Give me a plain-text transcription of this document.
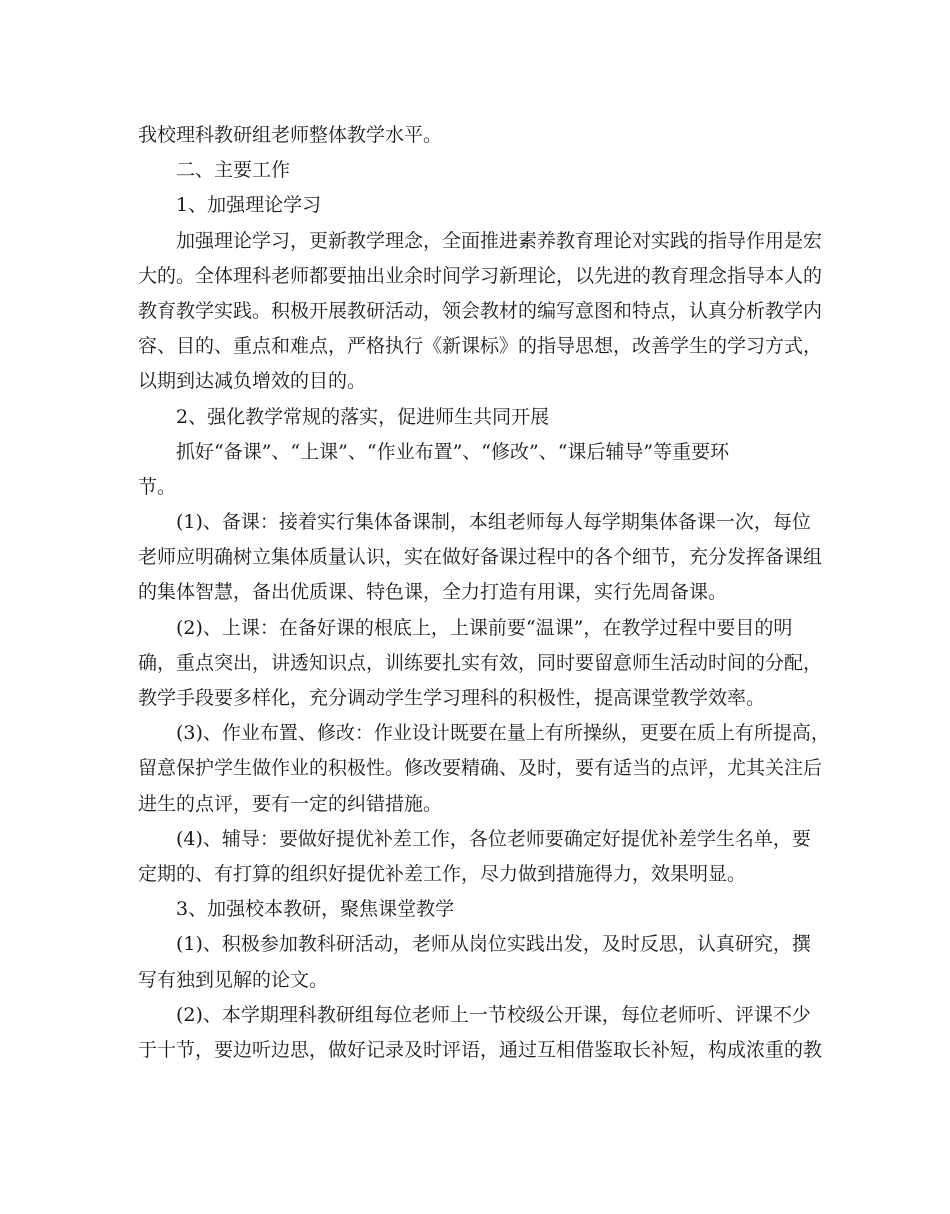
我校理科教研组老师整体教学水平。
二、主要工作
1、加强理论学习
加强理论学习，更新教学理念，全面推进素养教育理论对实践的指导作用是宏
大的。全体理科老师都要抽出业余时间学习新理论，以先进的教育理念指导本人的
教育教学实践。积极开展教研活动，领会教材的编写意图和特点，认真分析教学内
容、目的、重点和难点，严格执行《新课标》的指导思想，改善学生的学习方式，
以期到达减负增效的目的。
2、强化教学常规的落实，促进师生共同开展
抓好“备课”、“上课”、“作业布置”、“修改”、“课后辅导”等重要环
节。
(1)、备课：接着实行集体备课制，本组老师每人每学期集体备课一次，每位
老师应明确树立集体质量认识，实在做好备课过程中的各个细节，充分发挥备课组
的集体智慧，备出优质课、特色课，全力打造有用课，实行先周备课。
(2)、上课：在备好课的根底上，上课前要“温课”，在教学过程中要目的明
确，重点突出，讲透知识点，训练要扎实有效，同时要留意师生活动时间的分配，
教学手段要多样化，充分调动学生学习理科的积极性，提高课堂教学效率。
(3)、作业布置、修改：作业设计既要在量上有所操纵，更要在质上有所提高，
留意保护学生做作业的积极性。修改要精确、及时，要有适当的点评，尤其关注后
进生的点评，要有一定的纠错措施。
(4)、辅导：要做好提优补差工作，各位老师要确定好提优补差学生名单，要
定期的、有打算的组织好提优补差工作，尽力做到措施得力，效果明显。
3、加强校本教研，聚焦课堂教学
(1)、积极参加教科研活动，老师从岗位实践出发，及时反思，认真研究，撰
写有独到见解的论文。
(2)、本学期理科教研组每位老师上一节校级公开课，每位老师听、评课不少
于十节，要边听边思，做好记录及时评语，通过互相借鉴取长补短，构成浓重的教
